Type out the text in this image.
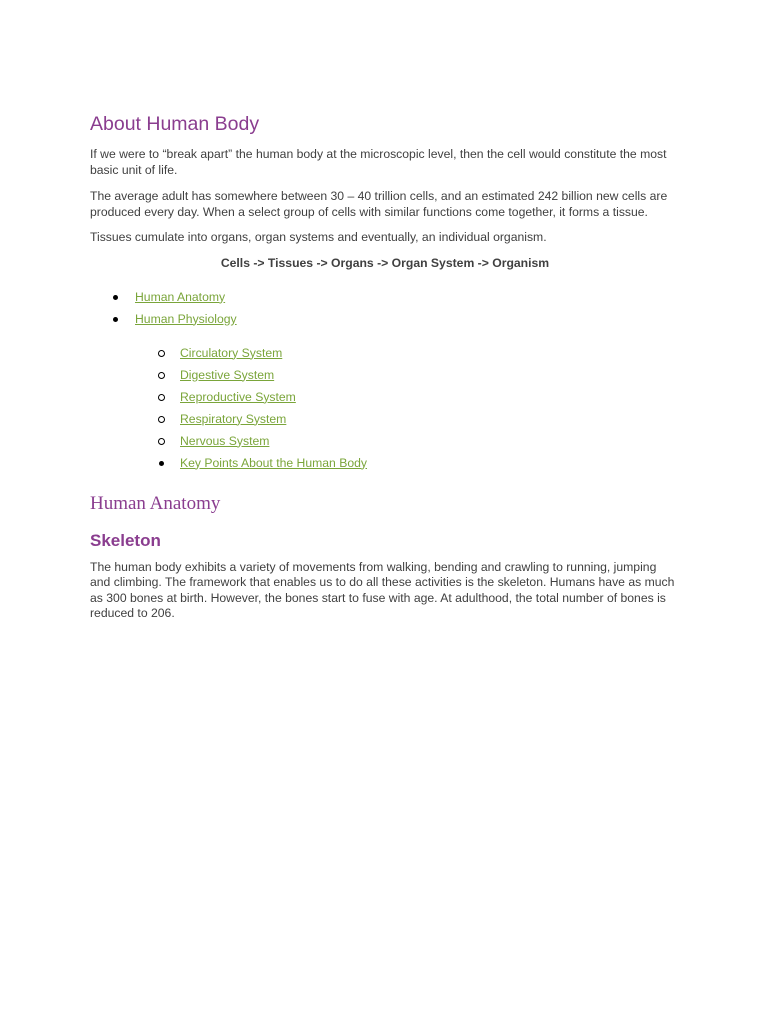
About Human Body

If we were to “break apart” the human body at the microscopic level, then the cell would constitute the most basic unit of life.

The average adult has somewhere between 30 – 40 trillion cells, and an estimated 242 billion new cells are produced every day. When a select group of cells with similar functions come together, it forms a tissue.

Tissues cumulate into organs, organ systems and eventually, an individual organism.

Cells -> Tissues -> Organs -> Organ System -> Organism
Human Anatomy
Human Physiology
Circulatory System
Digestive System
Reproductive System
Respiratory System
Nervous System
Key Points About the Human Body
Human Anatomy
Skeleton

The human body exhibits a variety of movements from walking, bending and crawling to running, jumping and climbing. The framework that enables us to do all these activities is the skeleton. Humans have as much as 300 bones at birth. However, the bones start to fuse with age. At adulthood, the total number of bones is reduced to 206.
